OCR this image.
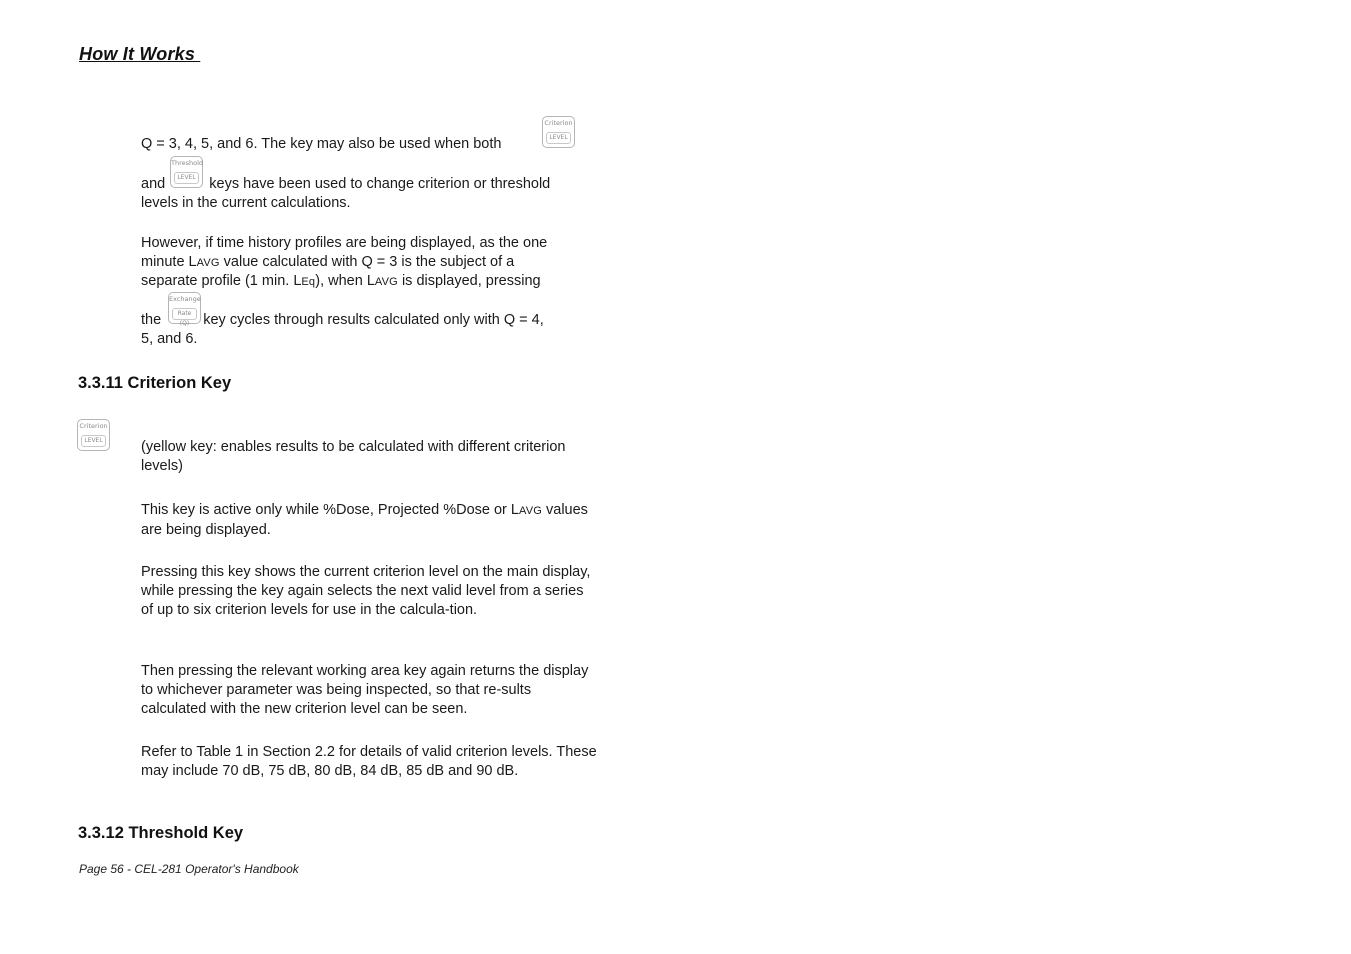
How It Works
Q = 3, 4, 5, and 6. The key may also be used when both
Criterion
LEVEL
and	keys have been used to change criterion or threshold
Threshold
LEVEL
levels in the current calculations.
However, if time history profiles are being displayed, as the one
minute LAVG value calculated with Q = 3 is the subject of a
separate profile (1 min. LEq), when LAVG is displayed, pressing
the	key cycles through results calculated only with Q = 4,
Exchange
Rate (Q)
5, and 6.
3.3.11 Criterion Key
Criterion
LEVEL	(yellow key: enables results to be calculated with different criterion levels)
This key is active only while %Dose, Projected %Dose or LAVG values are being displayed.
Pressing this key shows the current criterion level on the main display, while pressing the key again selects the next valid level from a series of up to six criterion levels for use in the calcula-tion.
Then pressing the relevant working area key again returns the display to whichever parameter was being inspected, so that re-sults calculated with the new criterion level can be seen.
Refer to Table 1 in Section 2.2 for details of valid criterion levels. These may include 70 dB, 75 dB, 80 dB, 84 dB, 85 dB and 90 dB.
3.3.12 Threshold Key
Page 56 - CEL-281 Operator's Handbook
